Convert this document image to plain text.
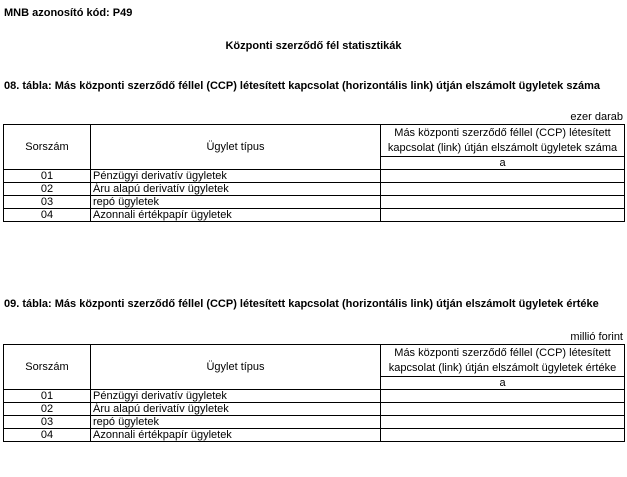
MNB azonosító kód: P49
Központi szerződő fél statisztikák
08. tábla: Más központi szerződő féllel (CCP) létesített kapcsolat (horizontális link) útján elszámolt ügyletek száma
ezer darab
Sorszám	Ügylet típus	Más központi szerződő féllel (CCP) létesített kapcsolat (link) útján elszámolt ügyletek száma
		a
01	Pénzügyi derivatív ügyletek	
02	Áru alapú derivatív ügyletek	
03	repó ügyletek	
04	Azonnali értékpapír ügyletek	
09. tábla: Más központi szerződő féllel (CCP) létesített kapcsolat (horizontális link) útján elszámolt ügyletek értéke
millió forint
Sorszám	Ügylet típus	Más központi szerződő féllel (CCP) létesített kapcsolat (link) útján elszámolt ügyletek értéke
		a
01	Pénzügyi derivatív ügyletek	
02	Áru alapú derivatív ügyletek	
03	repó ügyletek	
04	Azonnali értékpapír ügyletek	
